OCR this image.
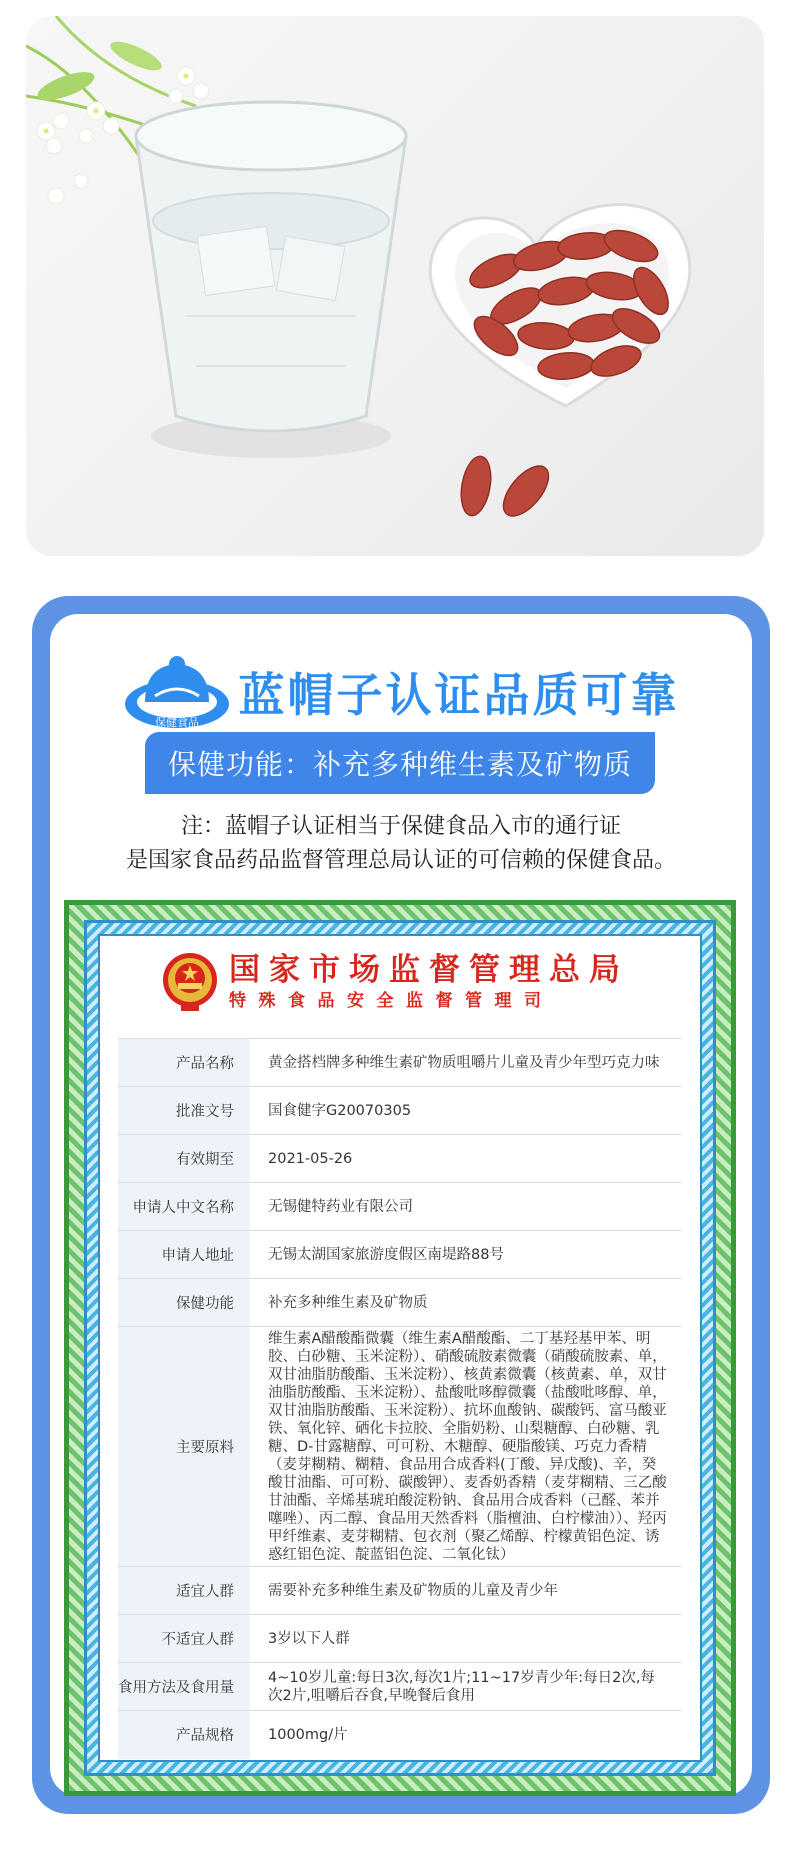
保健食品
蓝帽子认证品质可靠
保健功能：补充多种维生素及矿物质
注：蓝帽子认证相当于保健食品入市的通行证
是国家食品药品监督管理总局认证的可信赖的保健食品。
国家市场监督管理总局
特殊食品安全监督管理司
产品名称	黄金搭档牌多种维生素矿物质咀嚼片儿童及青少年型巧克力味
批准文号	国食健字G20070305
有效期至	2021-05-26
申请人中文名称	无锡健特药业有限公司
申请人地址	无锡太湖国家旅游度假区南堤路88号
保健功能	补充多种维生素及矿物质
主要原料	维生素A醋酸酯微囊（维生素A醋酸酯、二丁基羟基甲苯、明胶、白砂糖、玉米淀粉）、硝酸硫胺素微囊（硝酸硫胺素、单，双甘油脂肪酸酯、玉米淀粉）、核黄素微囊（核黄素、单，双甘油脂肪酸酯、玉米淀粉）、盐酸吡哆醇微囊（盐酸吡哆醇、单，双甘油脂肪酸酯、玉米淀粉）、抗坏血酸钠、碳酸钙、富马酸亚铁、氧化锌、硒化卡拉胶、全脂奶粉、山梨糖醇、白砂糖、乳糖、D-甘露糖醇、可可粉、木糖醇、硬脂酸镁、巧克力香精（麦芽糊精、糊精、食品用合成香料(丁酸、异戊酸)、辛，癸酸甘油酯、可可粉、碳酸钾）、麦香奶香精（麦芽糊精、三乙酸甘油酯、辛烯基琥珀酸淀粉钠、食品用合成香料（己醛、苯并噻唑）、丙二醇、食品用天然香料（脂檀油、白柠檬油））、羟丙甲纤维素、麦芽糊精、包衣剂（聚乙烯醇、柠檬黄铝色淀、诱惑红铝色淀、靛蓝铝色淀、二氧化钛）
适宜人群	需要补充多种维生素及矿物质的儿童及青少年
不适宜人群	3岁以下人群
食用方法及食用量	4~10岁儿童:每日3次,每次1片;11~17岁青少年:每日2次,每次2片,咀嚼后吞食,早晚餐后食用
产品规格	1000mg/片
